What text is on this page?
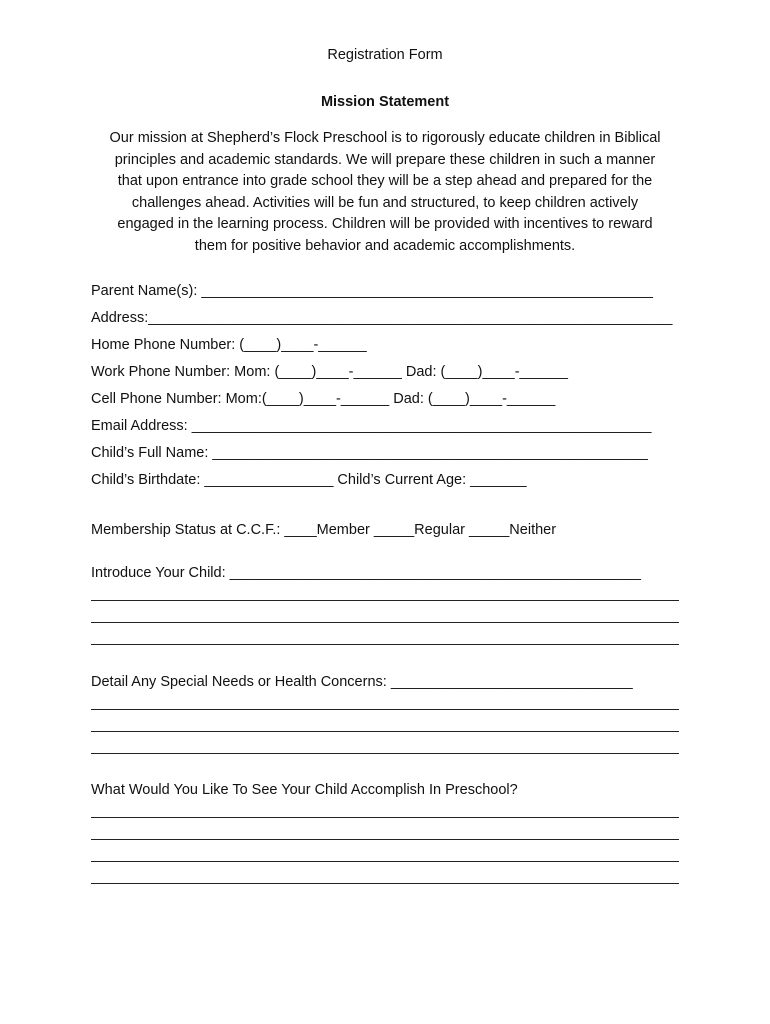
Registration Form
Mission Statement
Our mission at Shepherd’s Flock Preschool is to rigorously educate children in Biblical
principles and academic standards. We will prepare these children in such a manner
that upon entrance into grade school they will be a step ahead and prepared for the
challenges ahead. Activities will be fun and structured, to keep children actively
engaged in the learning process. Children will be provided with incentives to reward
them for positive behavior and academic accomplishments.
Parent Name(s): ________________________________________________________
Address:_________________________________________________________________
Home Phone Number: (____)____-______
Work Phone Number: Mom: (____)____-______ Dad: (____)____-______
Cell Phone Number: Mom:(____)____-______ Dad: (____)____-______
Email Address: _________________________________________________________
Child’s Full Name: ______________________________________________________
Child’s Birthdate: ________________ Child’s Current Age: _______
Membership Status at C.C.F.: ____Member _____Regular _____Neither
Introduce Your Child: ___________________________________________________
Detail Any Special Needs or Health Concerns: ______________________________
What Would You Like To See Your Child Accomplish In Preschool?
